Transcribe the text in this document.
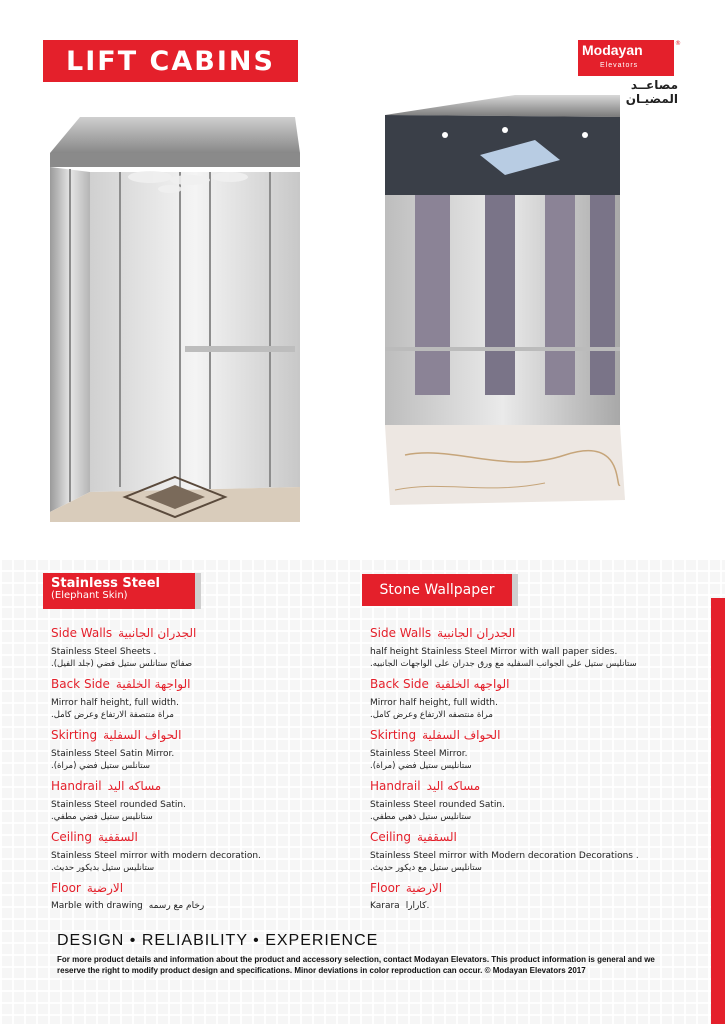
LIFT CABINS	Modayan
Elevators
®
مصاعــد المضيـان
Stainless Steel
(Elephant Skin)	Stone Wallpaper
Side Walls الجدران الجانبية
Stainless Steel Sheets .
صفائح ستانلس ستيل فضي (جلد الفيل).
Back Side الواجهة الخلفية
Mirror half height, full width.
مراة منتصفة الارتفاع وعرض كامل.
Skirting الحواف السفلية
Stainless Steel Satin Mirror.
ستانلس ستيل فضي (مراة).
Handrail مساكه اليد
Stainless Steel rounded Satin.
ستانليس ستيل فضي مطفي.
Ceiling السقفية
Stainless Steel mirror with modern decoration.
ستانليس ستيل بديكور حديث.
Floor الارضية
Marble with drawing رخام مع رسمه
Side Walls الجدران الجانبية
half height Stainless Steel Mirror with wall paper sides.
ستانليس ستيل على الجوانب السفليه مع ورق جدران على الواجهات الجانبيه.
Back Side الواجهه الخلفية
Mirror half height, full width.
مراة منتصفه الارتفاع وعرض كامل.
Skirting الحواف السفلية
Stainless Steel Mirror.
ستانليس ستيل فضي (مراة).
Handrail مساكه اليد
Stainless Steel rounded Satin.
ستانليس ستيل ذهبي مطفي.
Ceiling السقفية
Stainless Steel mirror with Modern decoration Decorations .
ستانليس ستيل مع ديكور حديث.
Floor الارضية
Karara كارارا.
DESIGN • RELIABILITY • EXPERIENCE
For more product details and information about the product and accessory selection, contact Modayan Elevators. This product information is general and we reserve the right to modify product design and specifications. Minor deviations in color reproduction can occur. © Modayan Elevators 2017
